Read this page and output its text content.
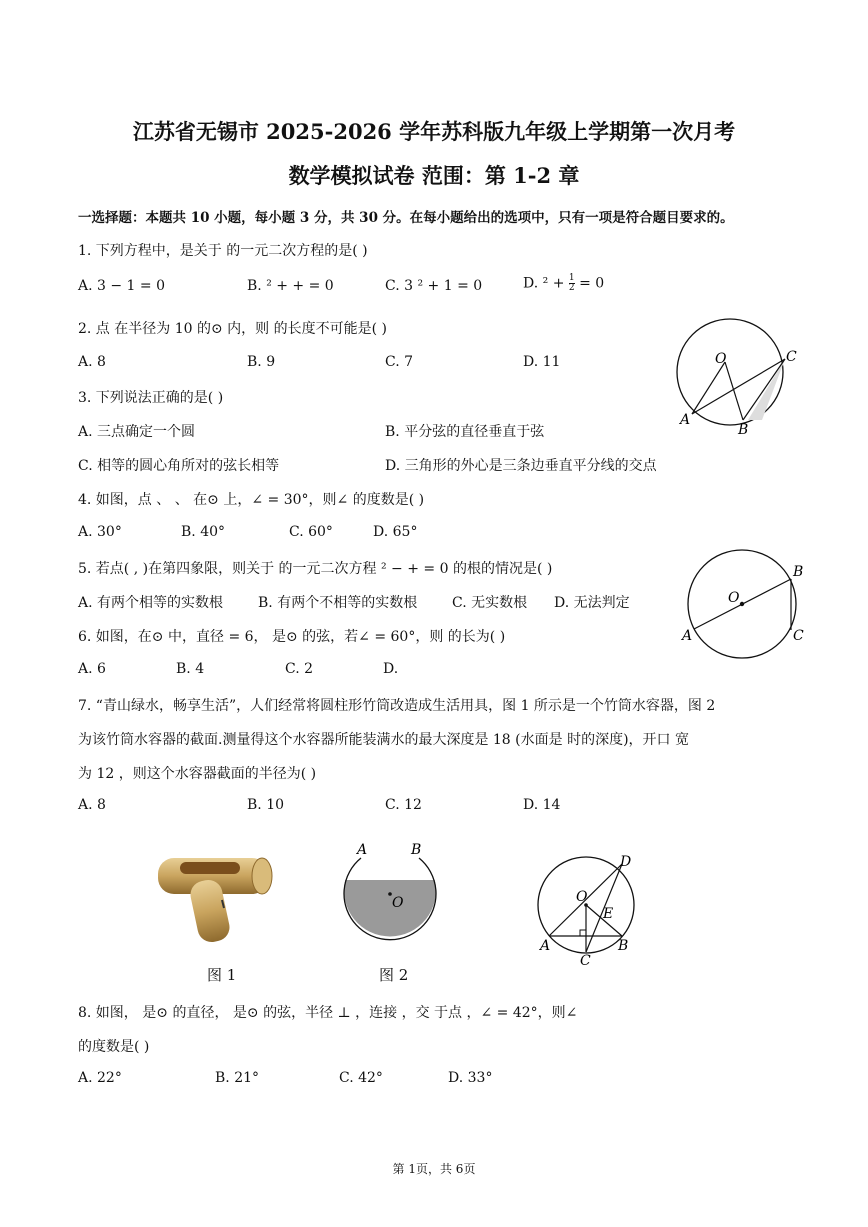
江苏省无锡市 2025-2026 学年苏科版九年级上学期第一次月考
数学模拟试卷 范围：第 1-2 章
一选择题：本题共 10 小题，每小题 3 分，共 30 分。在每小题给出的选项中，只有一项是符合题目要求的。
1. 下列方程中，是关于 的一元二次方程的是( )
A. 3 − 1 = 0	B. ² + + = 0	C. 3 ² + 1 = 0	D. $^2 + \frac{1}{2} = 0$
2. 点 在半径为 10 的⊙ 内，则 的长度不可能是( )
A. 8	B. 9	C. 7	D. 11	O
A
B
C
3. 下列说法正确的是( )
A. 三点确定一个圆	B. 平分弦的直径垂直于弦
C. 相等的圆心角所对的弦长相等	D. 三角形的外心是三条边垂直平分线的交点
4. 如图，点 、 、 在⊙ 上，∠ = 30°，则∠ 的度数是( )
A. 30°	B. 40°	C. 60°	D. 65°
O
A
B
C
5. 若点( , )在第四象限，则关于 的一元二次方程 ² − + = 0 的根的情况是( )
A. 有两个相等的实数根 B. 有两个不相等的实数根 C. 无实数根 D. 无法判定
6. 如图，在⊙ 中，直径 = 6， 是⊙ 的弦，若∠ = 60°，则 的长为( )
A. 6	B. 4	C. 2	D.
7. “青山绿水，畅享生活”，人们经常将圆柱形竹筒改造成生活用具，图 1 所示是一个竹筒水容器，图 2
为该竹筒水容器的截面.测量得这个水容器所能装满水的最大深度是 18 (水面是 时的深度)，开口 宽
为 12 ，则这个水容器截面的半径为( )
A. 8	B. 10	C. 12	D. 14
图 1
A	B
O
图 2
O
A	B
C
D
E
8. 如图， 是⊙ 的直径， 是⊙ 的弦，半径 ⊥ ，连接 ，交 于点 ，∠ = 42°，则∠
的度数是( )
A. 22°	B. 21°	C. 42°	D. 33°
第 1页，共 6页
